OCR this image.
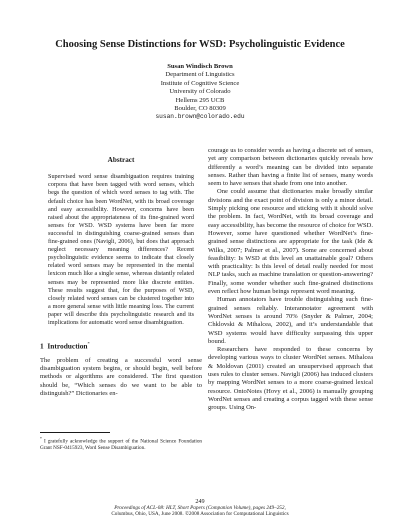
Choosing Sense Distinctions for WSD: Psycholinguistic Evidence
Susan Windisch Brown
Department of Linguistics
Institute of Cognitive Science
University of Colorado
Hellems 295 UCB
Boulder, CO 80309
susan.brown@colorado.edu
Abstract

Supervised word sense disambiguation requires training corpora that have been tagged with word senses, which begs the question of which word senses to tag with. The default choice has been WordNet, with its broad coverage and easy accessibility. However, concerns have been raised about the appropriateness of its fine-grained word senses for WSD. WSD systems have been far more successful in distinguishing coarse-grained senses than fine-grained ones (Navigli, 2006), but does that approach neglect necessary meaning differences? Recent psycholinguistic evidence seems to indicate that closely related word senses may be represented in the mental lexicon much like a single sense, whereas distantly related senses may be represented more like discrete entities. These results suggest that, for the purposes of WSD, closely related word senses can be clustered together into a more general sense with little meaning loss. The current paper will describe this psycholinguistic research and its implications for automatic word sense disambiguation.

1 Introduction*

The problem of creating a successful word sense disambiguation system begins, or should begin, well before methods or algorithms are considered. The first question should be, “Which senses do we want to be able to distinguish?” Dictionaries en-

* I gratefully acknowledge the support of the National Science Foundation Grant NSF-0415923, Word Sense Disambiguation.

courage us to consider words as having a discrete set of senses, yet any comparison between dictionaries quickly reveals how differently a word’s meaning can be divided into separate senses. Rather than having a finite list of senses, many words seem to have senses that shade from one into another.

One could assume that dictionaries make broadly similar divisions and the exact point of division is only a minor detail. Simply picking one resource and sticking with it should solve the problem. In fact, WordNet, with its broad coverage and easy accessibility, has become the resource of choice for WSD. However, some have questioned whether WordNet’s fine-grained sense distinctions are appropriate for the task (Ide & Wilks, 2007; Palmer et al., 2007). Some are concerned about feasibility: Is WSD at this level an unattainable goal? Others with practicality: Is this level of detail really needed for most NLP tasks, such as machine translation or question-answering? Finally, some wonder whether such fine-grained distinctions even reflect how human beings represent word meaning.

Human annotators have trouble distinguishing such fine-grained senses reliably. Interannotator agreement with WordNet senses is around 70% (Snyder & Palmer, 2004; Chklovski & Mihalcea, 2002), and it’s understandable that WSD systems would have difficulty surpassing this upper bound.

Researchers have responded to these concerns by developing various ways to cluster WordNet senses. Mihalcea & Moldovan (2001) created an unsupervised approach that uses rules to cluster senses. Navigli (2006) has induced clusters by mapping WordNet senses to a more coarse-grained lexical resource. OntoNotes (Hovy et al., 2006) is manually grouping WordNet senses and creating a corpus tagged with these sense groups. Using On-

249
Proceedings of ACL-08: HLT, Short Papers (Companion Volume), pages 249–252,
Columbus, Ohio, USA, June 2008. ©2008 Association for Computational Linguistics
